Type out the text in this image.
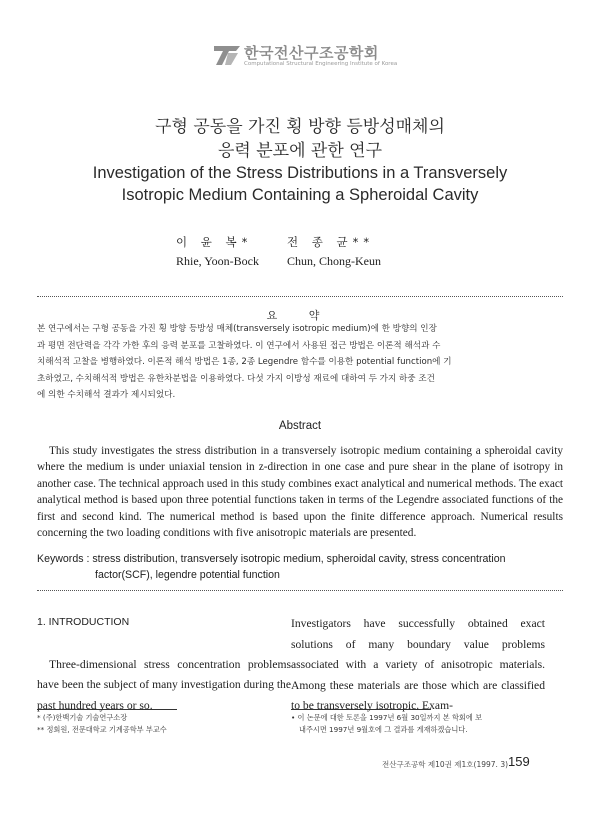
한국전산구조공학회
Computational Structural Engineering Institute of Korea
구형 공동을 가진 횡 방향 등방성매체의
응력 분포에 관한 연구
Investigation of the Stress Distributions in a Transversely
Isotropic Medium Containing a Spheroidal Cavity
이 윤 복*
Rhie, Yoon-Bock
전 종 균**
Chun, Chong-Keun
요 약

본 연구에서는 구형 공동을 가진 횡 방향 등방성 매체(transversely isotropic medium)에 한 방향의 인장

과 평면 전단력을 각각 가한 후의 응력 분포를 고찰하였다. 이 연구에서 사용된 접근 방법은 이론적 해석과 수

치해석적 고찰을 병행하였다. 이론적 해석 방법은 1종, 2종 Legendre 함수를 이용한 potential function에 기

초하였고, 수치해석적 방법은 유한차분법을 이용하였다. 다섯 가지 이방성 재료에 대하여 두 가지 하중 조건

에 의한 수치해석 결과가 제시되었다.

Abstract

This study investigates the stress distribution in a transversely isotropic medium containing a spheroidal cavity where the medium is under uniaxial tension in z-direction in one case and pure shear in the plane of isotropy in another case. The technical approach used in this study combines exact analytical and numerical methods. The exact analytical method is based upon three potential functions taken in terms of the Legendre associated functions of the first and second kind. The numerical method is based upon the finite difference approach. Numerical results concerning the two loading conditions with five anisotropic materials are presented.

Keywords : stress distribution, transversely isotropic medium, spheroidal cavity, stress concentration
factor(SCF), legendre potential function
1. INTRODUCTION

Three-dimensional stress concentration problems have been the subject of many investigation during the past hundred years or so.

Investigators have successfully obtained exact solutions of many boundary value problems associated with a variety of anisotropic materials. Among these materials are those which are classified to be transversely isotropic. Exam-

* (주)한백기술 기술연구소장
** 정회원, 전문대학교 기계공학부 부교수
• 이 논문에 대한 토론을 1997년 6월 30일까지 본 학회에 보
내주시면 1997년 9월호에 그 결과를 게재하겠습니다.
전산구조공학 제10권 제1호(1997. 3) 159
